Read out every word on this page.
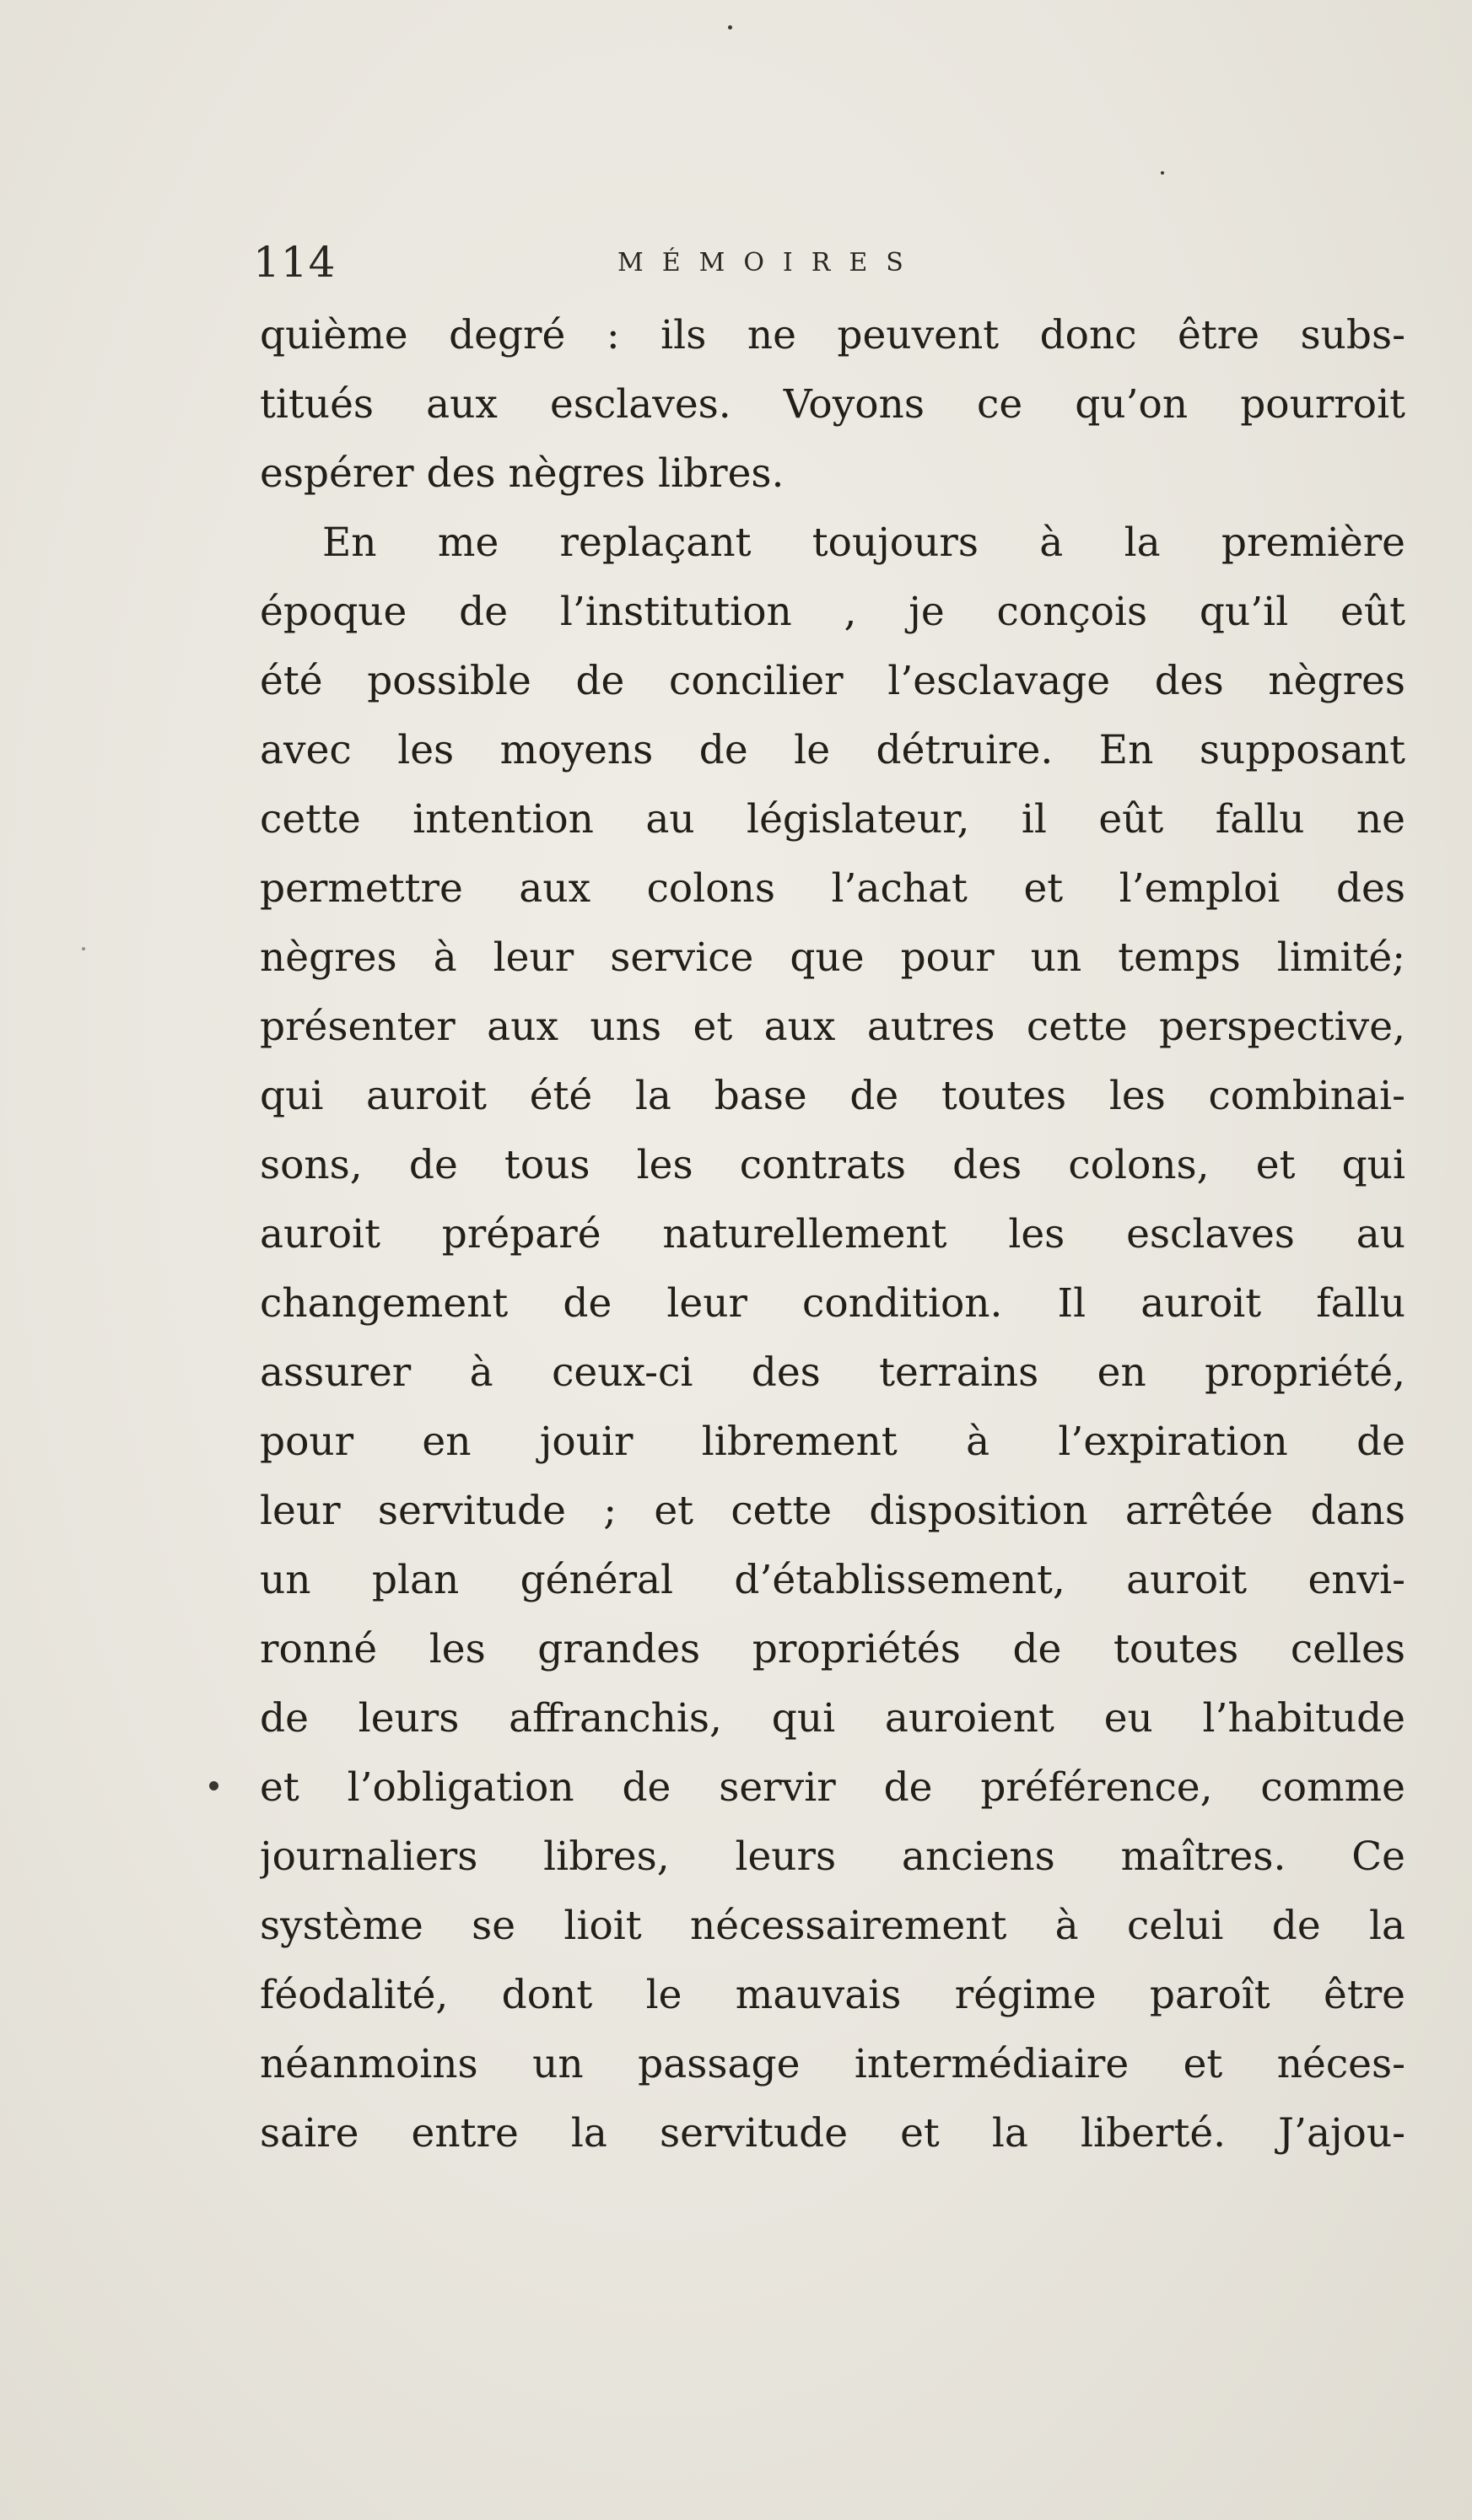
114	MÉMOIRES
quième degré : ils ne peuvent donc être subs-
titués aux esclaves. Voyons ce qu’on pourroit
espérer des nègres libres.
En me replaçant toujours à la première
époque de l’institution , je conçois qu’il eût
été possible de concilier l’esclavage des nègres
avec les moyens de le détruire. En supposant
cette intention au législateur, il eût fallu ne
permettre aux colons l’achat et l’emploi des
nègres à leur service que pour un temps limité;
présenter aux uns et aux autres cette perspective,
qui auroit été la base de toutes les combinai-
sons, de tous les contrats des colons, et qui
auroit préparé naturellement les esclaves au
changement de leur condition. Il auroit fallu
assurer à ceux-ci des terrains en propriété,
pour en jouir librement à l’expiration de
leur servitude ; et cette disposition arrêtée dans
un plan général d’établissement, auroit envi-
ronné les grandes propriétés de toutes celles
de leurs affranchis, qui auroient eu l’habitude
et l’obligation de servir de préférence, comme
journaliers libres, leurs anciens maîtres. Ce
système se lioit nécessairement à celui de la
féodalité, dont le mauvais régime paroît être
néanmoins un passage intermédiaire et néces-
saire entre la servitude et la liberté. J’ajou-
